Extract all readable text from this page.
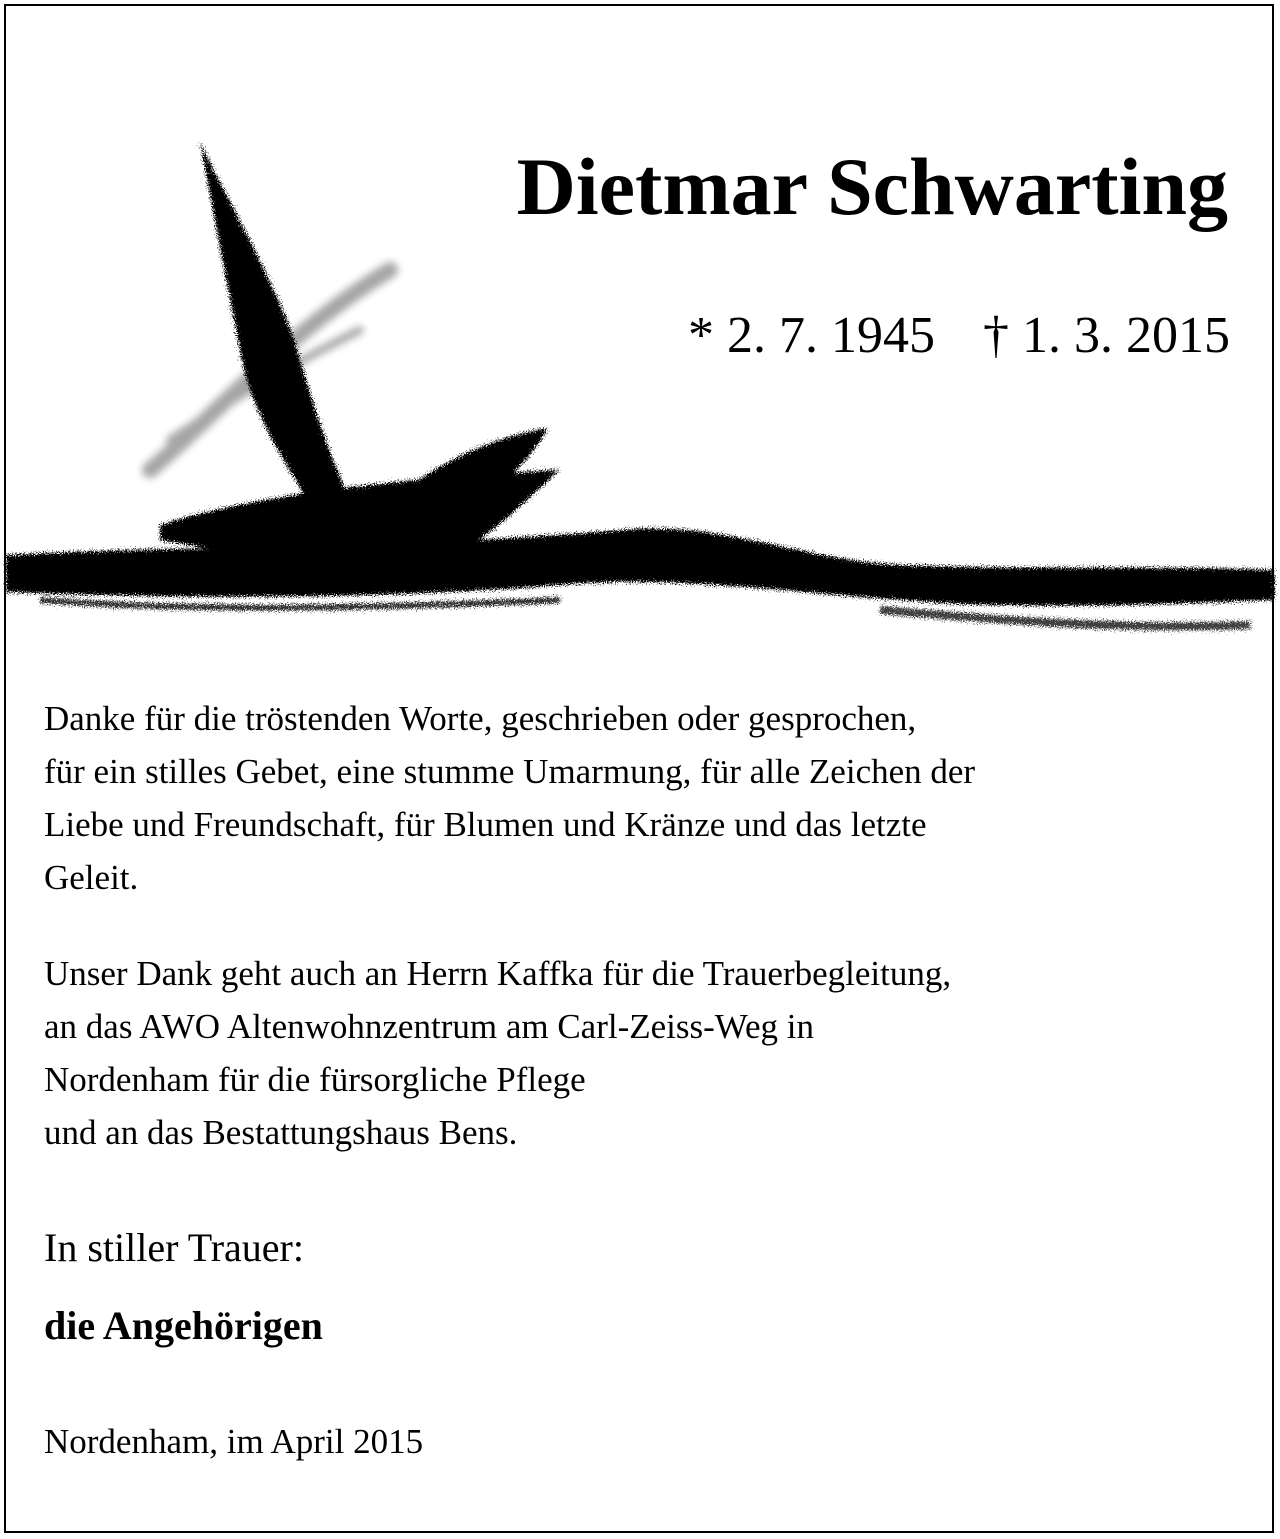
Dietmar Schwarting
* 2. 7. 1945 † 1. 3. 2015
Danke für die tröstenden Worte, geschrieben oder gesprochen,
für ein stilles Gebet, eine stumme Umarmung, für alle Zeichen der
Liebe und Freundschaft, für Blumen und Kränze und das letzte
Geleit.
Unser Dank geht auch an Herrn Kaffka für die Trauerbegleitung,
an das AWO Altenwohnzentrum am Carl-Zeiss-Weg in
Nordenham für die fürsorgliche Pflege
und an das Bestattungshaus Bens.
In stiller Trauer:
die Angehörigen
Nordenham, im April 2015
